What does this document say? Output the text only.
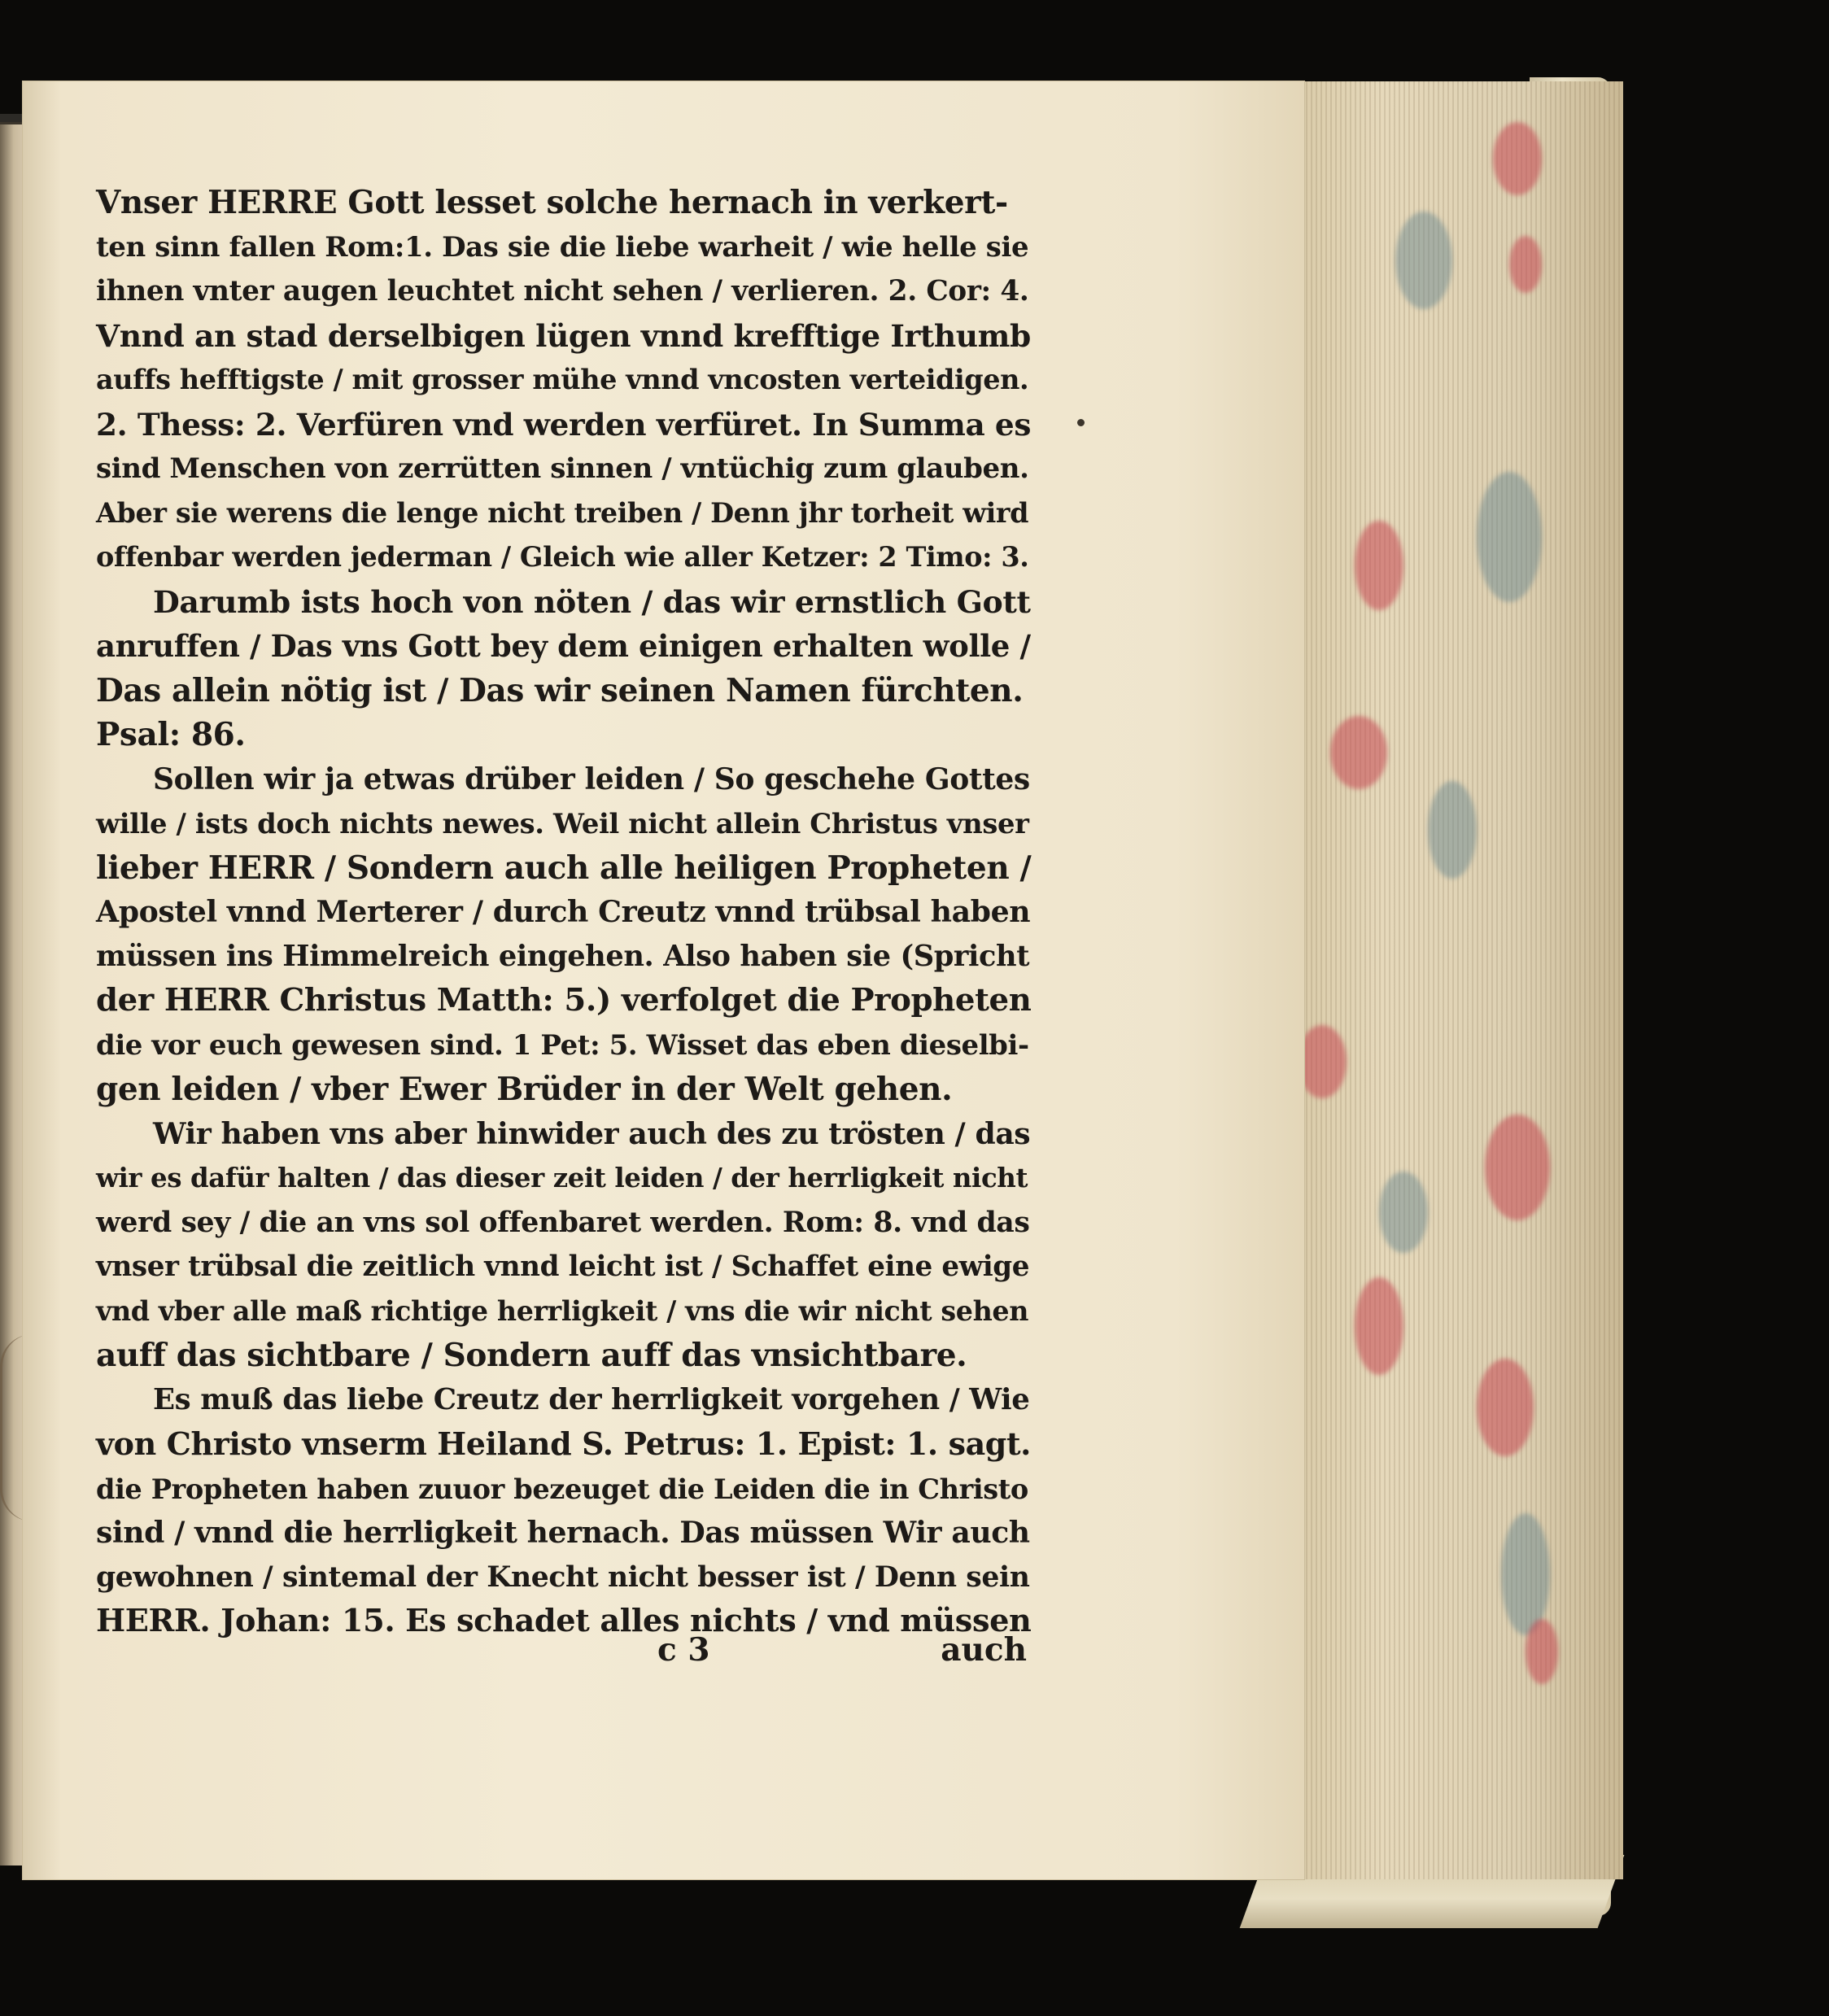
Vnser HERRE Gott lesset solche hernach in verkert-
ten sinn fallen Rom:1. Das sie die liebe warheit / wie helle sie
ihnen vnter augen leuchtet nicht sehen / verlieren. 2. Cor: 4.
Vnnd an stad derselbigen lügen vnnd krefftige Irthumb
auffs hefftigste / mit grosser mühe vnnd vncosten verteidigen.
2. Thess: 2. Verfüren vnd werden verfüret. In Summa es
sind Menschen von zerrütten sinnen / vntüchig zum glauben.
Aber sie werens die lenge nicht treiben / Denn jhr torheit wird
offenbar werden jederman / Gleich wie aller Ketzer: 2 Timo: 3.
Darumb ists hoch von nöten / das wir ernstlich Gott
anruffen / Das vns Gott bey dem einigen erhalten wolle /
Das allein nötig ist / Das wir seinen Namen fürchten.
Psal: 86.
Sollen wir ja etwas drüber leiden / So geschehe Gottes
wille / ists doch nichts newes. Weil nicht allein Christus vnser
lieber HERR / Sondern auch alle heiligen Propheten /
Apostel vnnd Merterer / durch Creutz vnnd trübsal haben
müssen ins Himmelreich eingehen. Also haben sie (Spricht
der HERR Christus Matth: 5.) verfolget die Propheten
die vor euch gewesen sind. 1 Pet: 5. Wisset das eben dieselbi-
gen leiden / vber Ewer Brüder in der Welt gehen.
Wir haben vns aber hinwider auch des zu trösten / das
wir es dafür halten / das dieser zeit leiden / der herrligkeit nicht
werd sey / die an vns sol offenbaret werden. Rom: 8. vnd das
vnser trübsal die zeitlich vnnd leicht ist / Schaffet eine ewige
vnd vber alle maß richtige herrligkeit / vns die wir nicht sehen
auff das sichtbare / Sondern auff das vnsichtbare.
Es muß das liebe Creutz der herrligkeit vorgehen / Wie
von Christo vnserm Heiland S. Petrus: 1. Epist: 1. sagt.
die Propheten haben zuuor bezeuget die Leiden die in Christo
sind / vnnd die herrligkeit hernach. Das müssen Wir auch
gewohnen / sintemal der Knecht nicht besser ist / Denn sein
HERR. Johan: 15. Es schadet alles nichts / vnd müssen
c 3	auch
